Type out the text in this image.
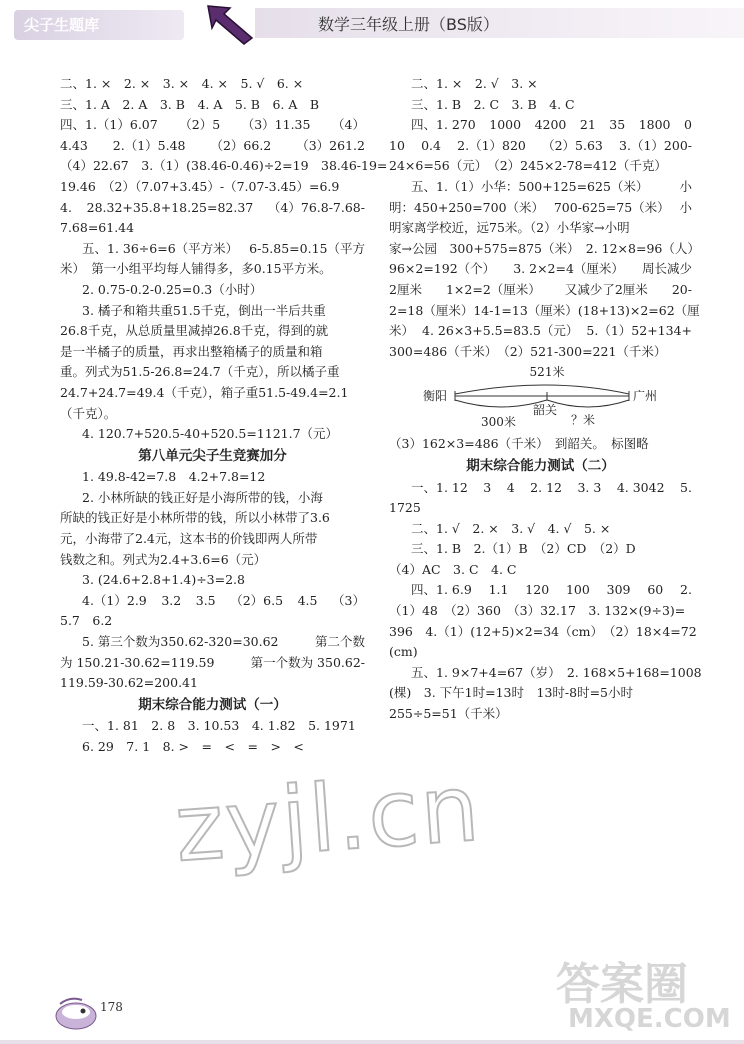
尖子生题库	数学三年级上册（BS版）
二、1. ×　2. ×　3. ×　4. ×　5. √　6. ×
三、1. A　2. A　3. B　4. A　5. B　6. A　B
四、1.（1）6.07 （2）5 （3）11.35 （4）
4.43 2.（1）5.48 （2）66.2 （3）261.2
（4）22.67　3.（1）(38.46-0.46)÷2=19　38.46-19=
19.46　（2）（7.07+3.45）-（7.07-3.45）=6.9
4. 28.32+35.8+18.25=82.37 （4）76.8-7.68-
7.68=61.44
五、1. 36÷6=6（平方米） 6-5.85=0.15（平方
米）　第一小组平均每人铺得多，多0.15平方米。
2. 0.75-0.2-0.25=0.3（小时）
3. 橘子和箱共重51.5千克，倒出一半后共重
26.8千克，从总质量里减掉26.8千克，得到的就
是一半橘子的质量，再求出整箱橘子的质量和箱
重。列式为51.5-26.8=24.7（千克），所以橘子重
24.7+24.7=49.4（千克），箱子重51.5-49.4=2.1
（千克）。
4. 120.7+520.5-40+520.5=1121.7（元）
第八单元尖子生竞赛加分
1. 49.8-42=7.8　4.2+7.8=12
2. 小林所缺的钱正好是小海所带的钱，小海
所缺的钱正好是小林所带的钱，所以小林带了3.6
元，小海带了2.4元，这本书的价钱即两人所带
钱数之和。列式为2.4+3.6=6（元）
3. (24.6+2.8+1.4)÷3=2.8
4.（1）2.9 3.2 3.5 （2）6.5 4.5 （3）
5.7　6.2
5. 第三个数为350.62-320=30.62	第二个数
为 150.21-30.62=119.59	第一个数为 350.62-
119.59-30.62=200.41
期末综合能力测试（一）
一、1. 81　2. 8　3. 10.53　4. 1.82　5. 1971
6. 29　7. 1　8. >　=　<　=　>　<
二、1. ×　2. √　3. ×
三、1. B　2. C　3. B　4. C
四、1. 270 1000 4200 21 35 1800 0
10 0.4 2.（1）820 （2）5.63 3.（1）200-
24×6=56（元）　（2）245×2-78=412（千克）
五、1.（1）小华：500+125=625（米） 小
明：450+250=700（米） 700-625=75（米） 小
明家离学校近，远75米。（2）小华家→小明
家→公园　300+575=875（米）　2. 12×8=96（人）
96×2=192（个） 3. 2×2=4（厘米） 周长减少
2厘米 1×2=2（厘米） 又减少了2厘米 20-
2=18（厘米） 14-1=13（厘米） (18+13)×2=62（厘
米） 4. 26×3+5.5=83.5（元） 5.（1）52+134+
300=486（千米）　（2）521-300=221（千米）
521米
衡阳	广州
韶关
300米	？米
（3）162×3=486（千米）　到韶关。　标图略
期末综合能力测试（二）
一、1. 12 3 4 2. 12 3. 3 4. 3042 5.
1725
二、1. √　2. ×　3. √　4. √　5. ×
三、1. B　2.（1）B　（2）CD　（2）D
（4）AC　3. C　4. C
四、1. 6.9 1.1 120 100 309 60 2.
（1）48　（2）360　（3）32.17　3. 132×(9÷3)=
396　4.（1）(12+5)×2=34（cm）　（2）18×4=72
(cm)
五、1. 9×7+4=67（岁）　2. 168×5+168=1008
(棵)　3. 下午1时=13时　13时-8时=5小时
255÷5=51（千米）
zyjl.cn
答案圈
MXQE.COM
178
